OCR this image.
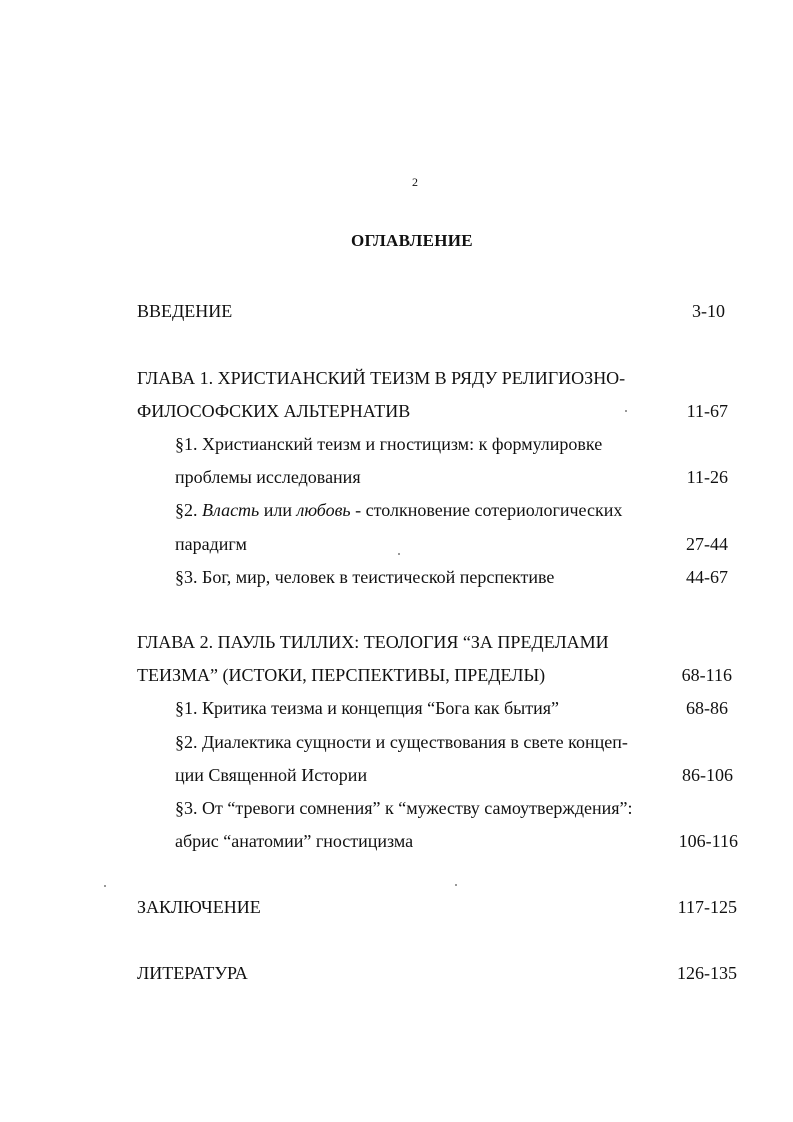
2
ОГЛАВЛЕНИЕ
ВВЕДЕНИЕ	3-10
ГЛАВА 1. ХРИСТИАНСКИЙ ТЕИЗМ В РЯДУ РЕЛИГИОЗНО-
ФИЛОСОФСКИХ АЛЬТЕРНАТИВ	11-67
§1. Христианский теизм и гностицизм: к формулировке
проблемы исследования	11-26
§2. Власть или любовь - столкновение сотериологических
парадигм	27-44
§3. Бог, мир, человек в теистической перспективе	44-67
ГЛАВА 2. ПАУЛЬ ТИЛЛИХ: ТЕОЛОГИЯ “ЗА ПРЕДЕЛАМИ
ТЕИЗМА” (ИСТОКИ, ПЕРСПЕКТИВЫ, ПРЕДЕЛЫ)	68-116
§1. Критика теизма и концепция “Бога как бытия”	68-86
§2. Диалектика сущности и существования в свете концеп-
ции Священной Истории	86-106
§3. От “тревоги сомнения” к “мужеству самоутверждения”:
абрис “анатомии” гностицизма	106-116
ЗАКЛЮЧЕНИЕ	117-125
ЛИТЕРАТУРА	126-135
